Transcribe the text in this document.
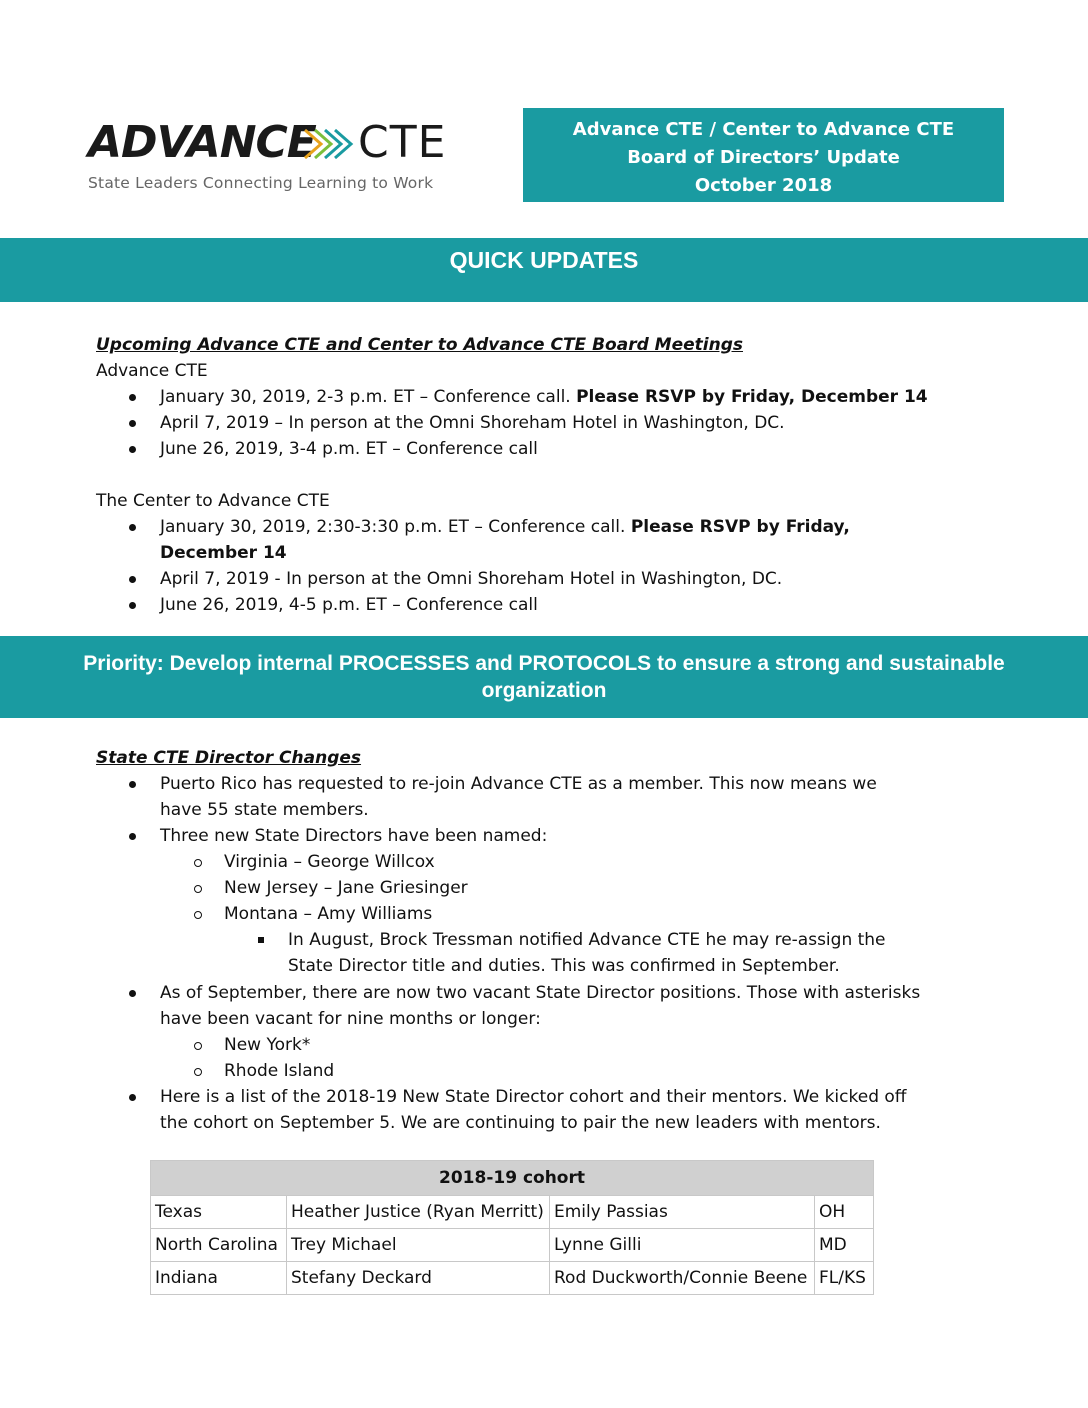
ADVANCE CTE
State Leaders Connecting Learning to Work
Advance CTE / Center to Advance CTE
Board of Directors’ Update
October 2018
QUICK UPDATES
Upcoming Advance CTE and Center to Advance CTE Board Meetings
Advance CTE
January 30, 2019, 2-3 p.m. ET – Conference call. Please RSVP by Friday, December 14
April 7, 2019 – In person at the Omni Shoreham Hotel in Washington, DC.
June 26, 2019, 3-4 p.m. ET – Conference call
The Center to Advance CTE
January 30, 2019, 2:30-3:30 p.m. ET – Conference call. Please RSVP by Friday,
December 14
April 7, 2019 - In person at the Omni Shoreham Hotel in Washington, DC.
June 26, 2019, 4-5 p.m. ET – Conference call
Priority: Develop internal PROCESSES and PROTOCOLS to ensure a strong and sustainable
organization
State CTE Director Changes
Puerto Rico has requested to re-join Advance CTE as a member. This now means we
have 55 state members.
Three new State Directors have been named:
Virginia – George Willcox
New Jersey – Jane Griesinger
Montana – Amy Williams
In August, Brock Tressman notified Advance CTE he may re-assign the
State Director title and duties. This was confirmed in September.
As of September, there are now two vacant State Director positions. Those with asterisks
have been vacant for nine months or longer:
New York*
Rhode Island
Here is a list of the 2018-19 New State Director cohort and their mentors. We kicked off
the cohort on September 5. We are continuing to pair the new leaders with mentors.
2018-19 cohort			
Texas	Heather Justice (Ryan Merritt)	Emily Passias	OH
North Carolina	Trey Michael	Lynne Gilli	MD
Indiana	Stefany Deckard	Rod Duckworth/Connie Beene	FL/KS
